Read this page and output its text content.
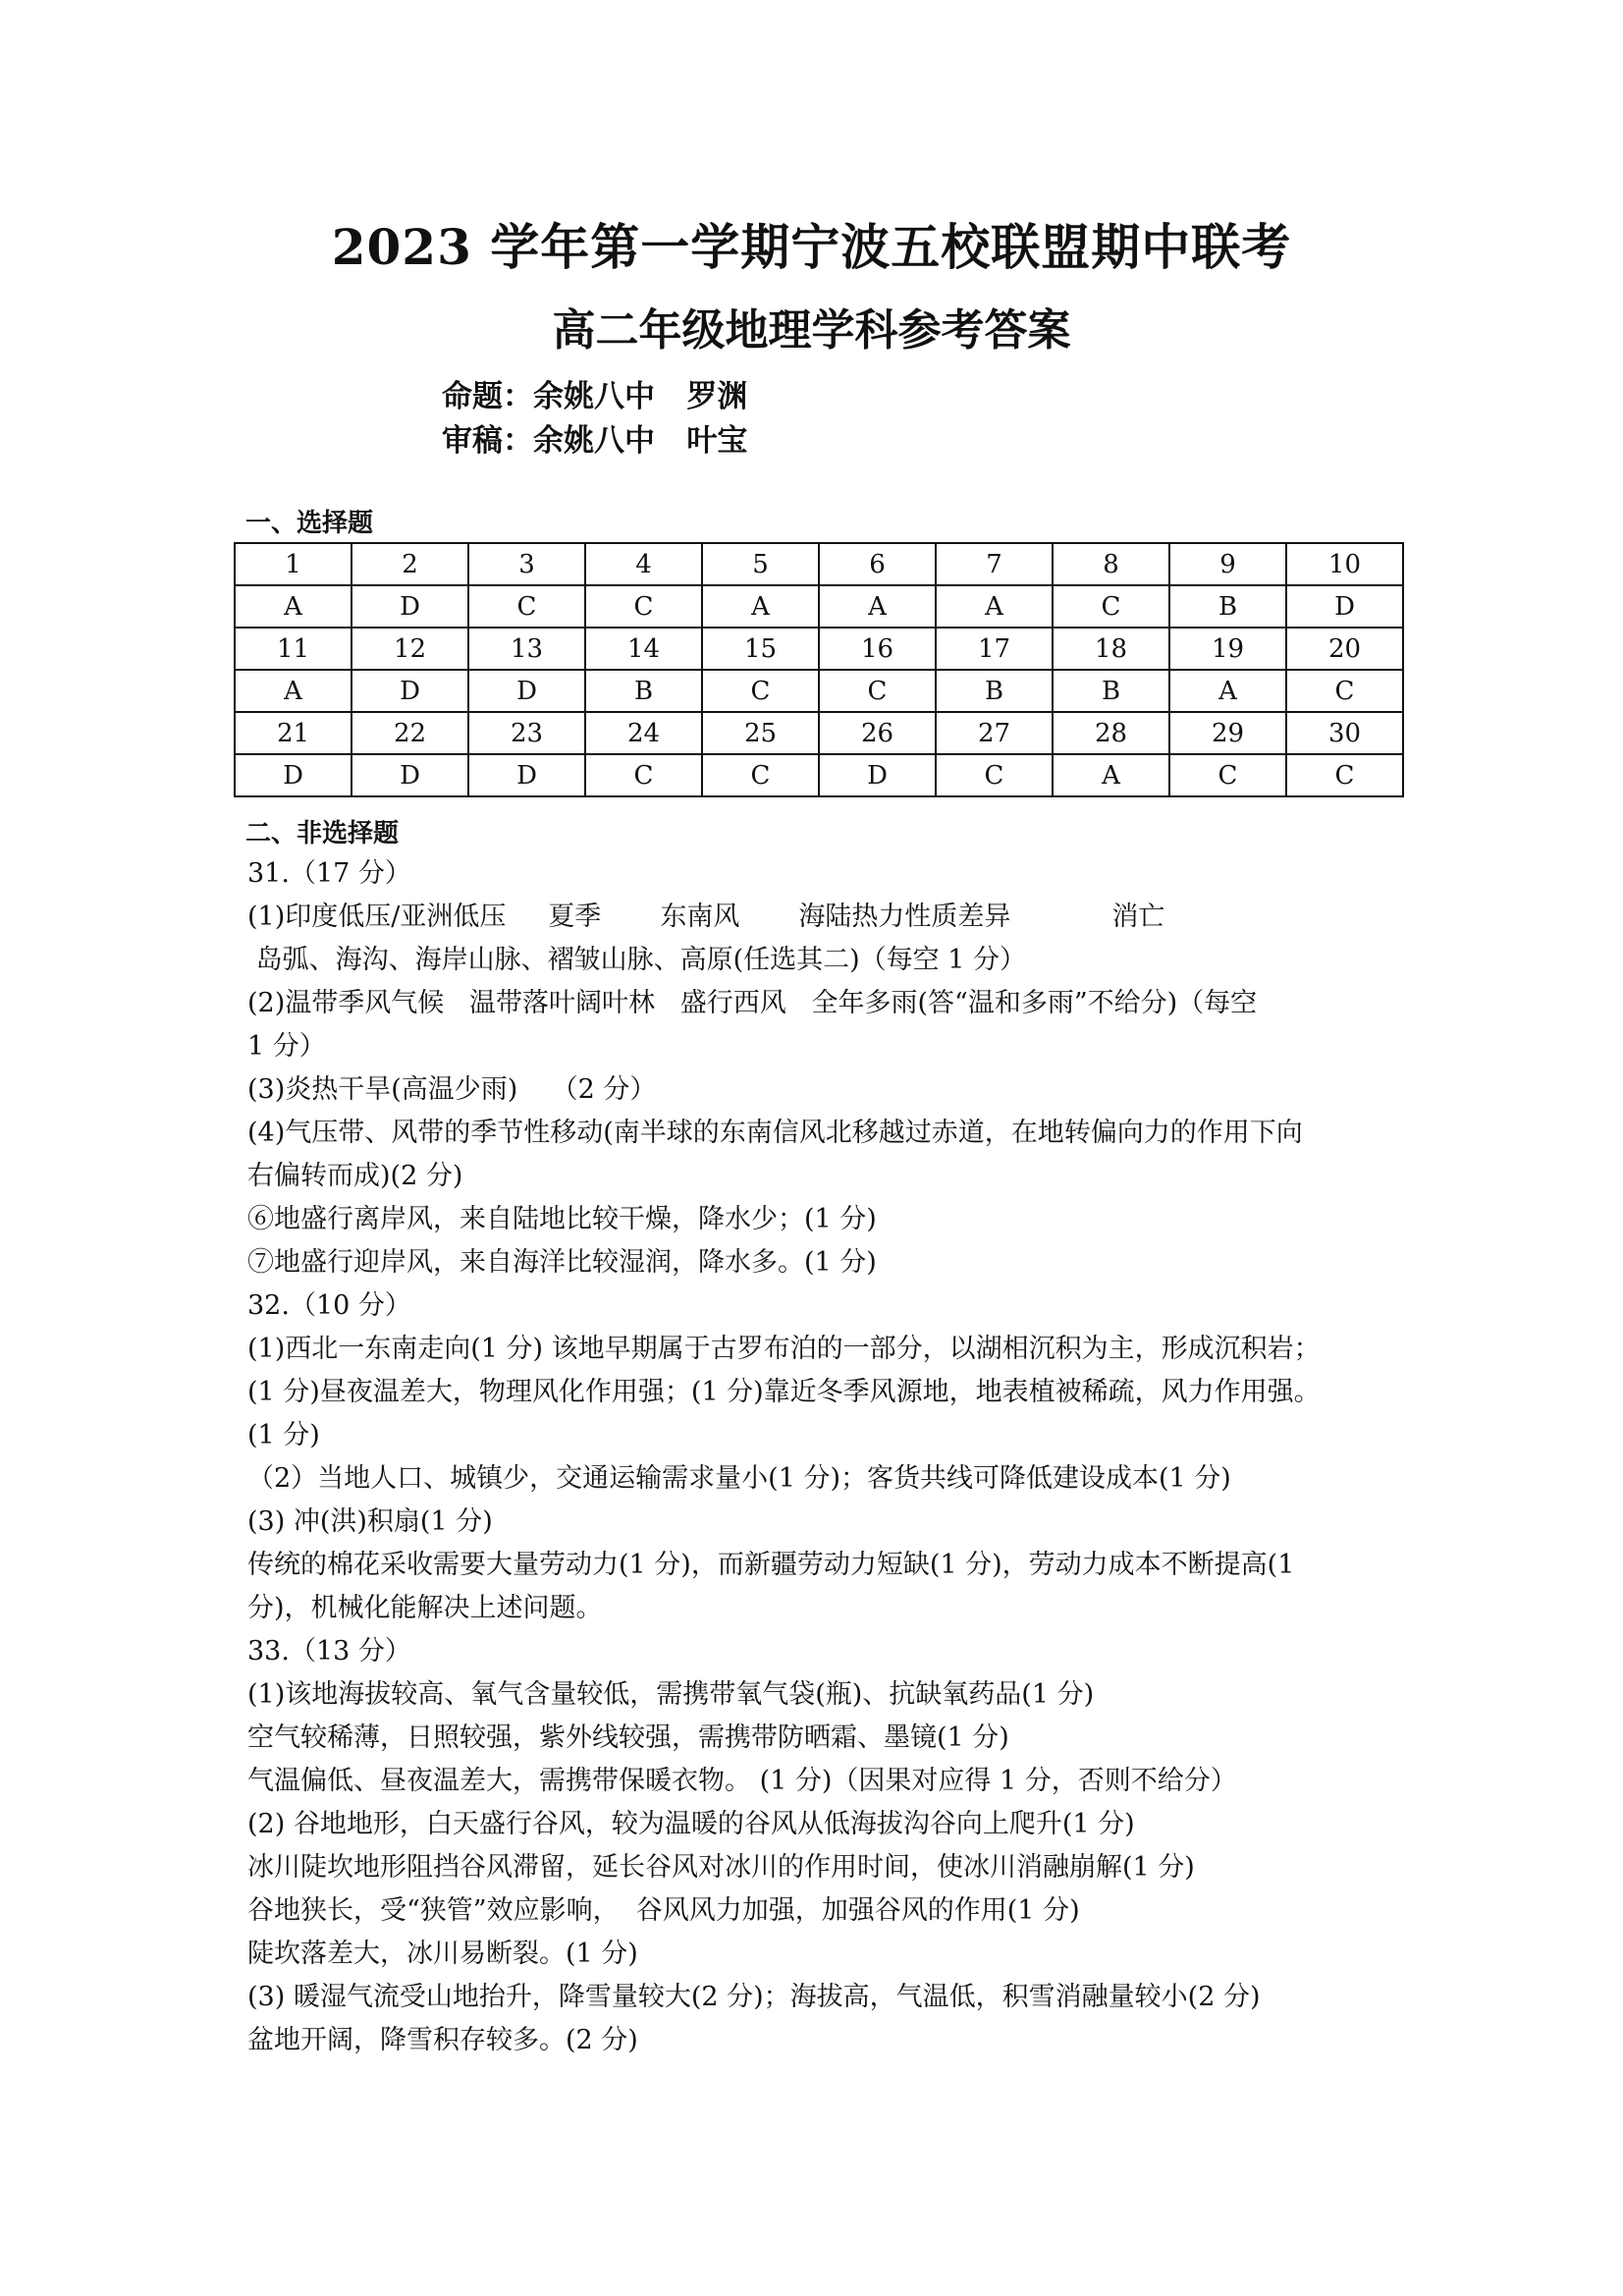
2023 学年第一学期宁波五校联盟期中联考
高二年级地理学科参考答案
命题：余姚八中   罗渊
审稿：余姚八中   叶宝
一、选择题
1	2	3	4	5	6	7	8	9	10
A	D	C	C	A	A	A	C	B	D
11	12	13	14	15	16	17	18	19	20
A	D	D	B	C	C	B	B	A	C
21	22	23	24	25	26	27	28	29	30
D	D	D	C	C	D	C	A	C	C
二、非选择题
31.（17 分）
(1)印度低压/亚洲低压     夏季       东南风       海陆热力性质差异            消亡
岛弧、海沟、海岸山脉、褶皱山脉、高原(任选其二)（每空 1 分）
(2)温带季风气候   温带落叶阔叶林   盛行西风   全年多雨(答“温和多雨”不给分)（每空
1 分）
(3)炎热干旱(高温少雨)    （2 分）
(4)气压带、风带的季节性移动(南半球的东南信风北移越过赤道，在地转偏向力的作用下向
右偏转而成)(2 分)
⑥地盛行离岸风，来自陆地比较干燥，降水少；(1 分)
⑦地盛行迎岸风，来自海洋比较湿润，降水多。(1 分)
32.（10 分）
(1)西北一东南走向(1 分) 该地早期属于古罗布泊的一部分，以湖相沉积为主，形成沉积岩；
(1 分)昼夜温差大，物理风化作用强；(1 分)靠近冬季风源地，地表植被稀疏，风力作用强。
(1 分)
（2）当地人口、城镇少，交通运输需求量小(1 分)；客货共线可降低建设成本(1 分)
(3) 冲(洪)积扇(1 分)
传统的棉花采收需要大量劳动力(1 分)，而新疆劳动力短缺(1 分)，劳动力成本不断提高(1
分)，机械化能解决上述问题。
33.（13 分）
(1)该地海拔较高、氧气含量较低，需携带氧气袋(瓶)、抗缺氧药品(1 分)
空气较稀薄，日照较强，紫外线较强，需携带防晒霜、墨镜(1 分)
气温偏低、昼夜温差大，需携带保暖衣物。 (1 分)（因果对应得 1 分，否则不给分）
(2) 谷地地形，白天盛行谷风，较为温暖的谷风从低海拔沟谷向上爬升(1 分)
冰川陡坎地形阻挡谷风滞留，延长谷风对冰川的作用时间，使冰川消融崩解(1 分)
谷地狭长，受“狭管”效应影响，  谷风风力加强，加强谷风的作用(1 分)
陡坎落差大，冰川易断裂。(1 分)
(3) 暖湿气流受山地抬升，降雪量较大(2 分)；海拔高，气温低，积雪消融量较小(2 分)
盆地开阔，降雪积存较多。(2 分)
